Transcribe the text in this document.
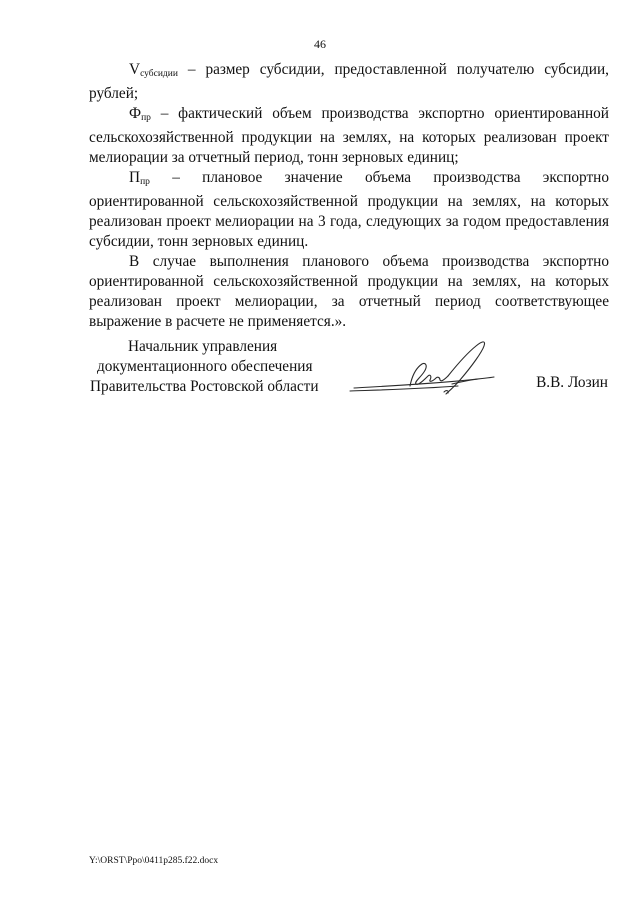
46

$V_{субсидии}$ – размер субсидии, предоставленной получателю субсидии, рублей;

$Ф_{пр}$ – фактический объем производства экспортно ориентированной сельскохозяйственной продукции на землях, на которых реализован проект мелиорации за отчетный период, тонн зерновых единиц;

$П_{пр}$ – плановое значение объема производства экспортно ориентированной сельскохозяйственной продукции на землях, на которых реализован проект мелиорации на 3 года, следующих за годом предоставления субсидии, тонн зерновых единиц.

В случае выполнения планового объема производства экспортно ориентированной сельскохозяйственной продукции на землях, на которых реализован проект мелиорации, за отчетный период соответствующее выражение в расчете не применяется.».

Начальник управления
документационного обеспечения
Правительства Ростовской области	В.В. Лозин
Y:\ORST\Ppo\0411p285.f22.docx
